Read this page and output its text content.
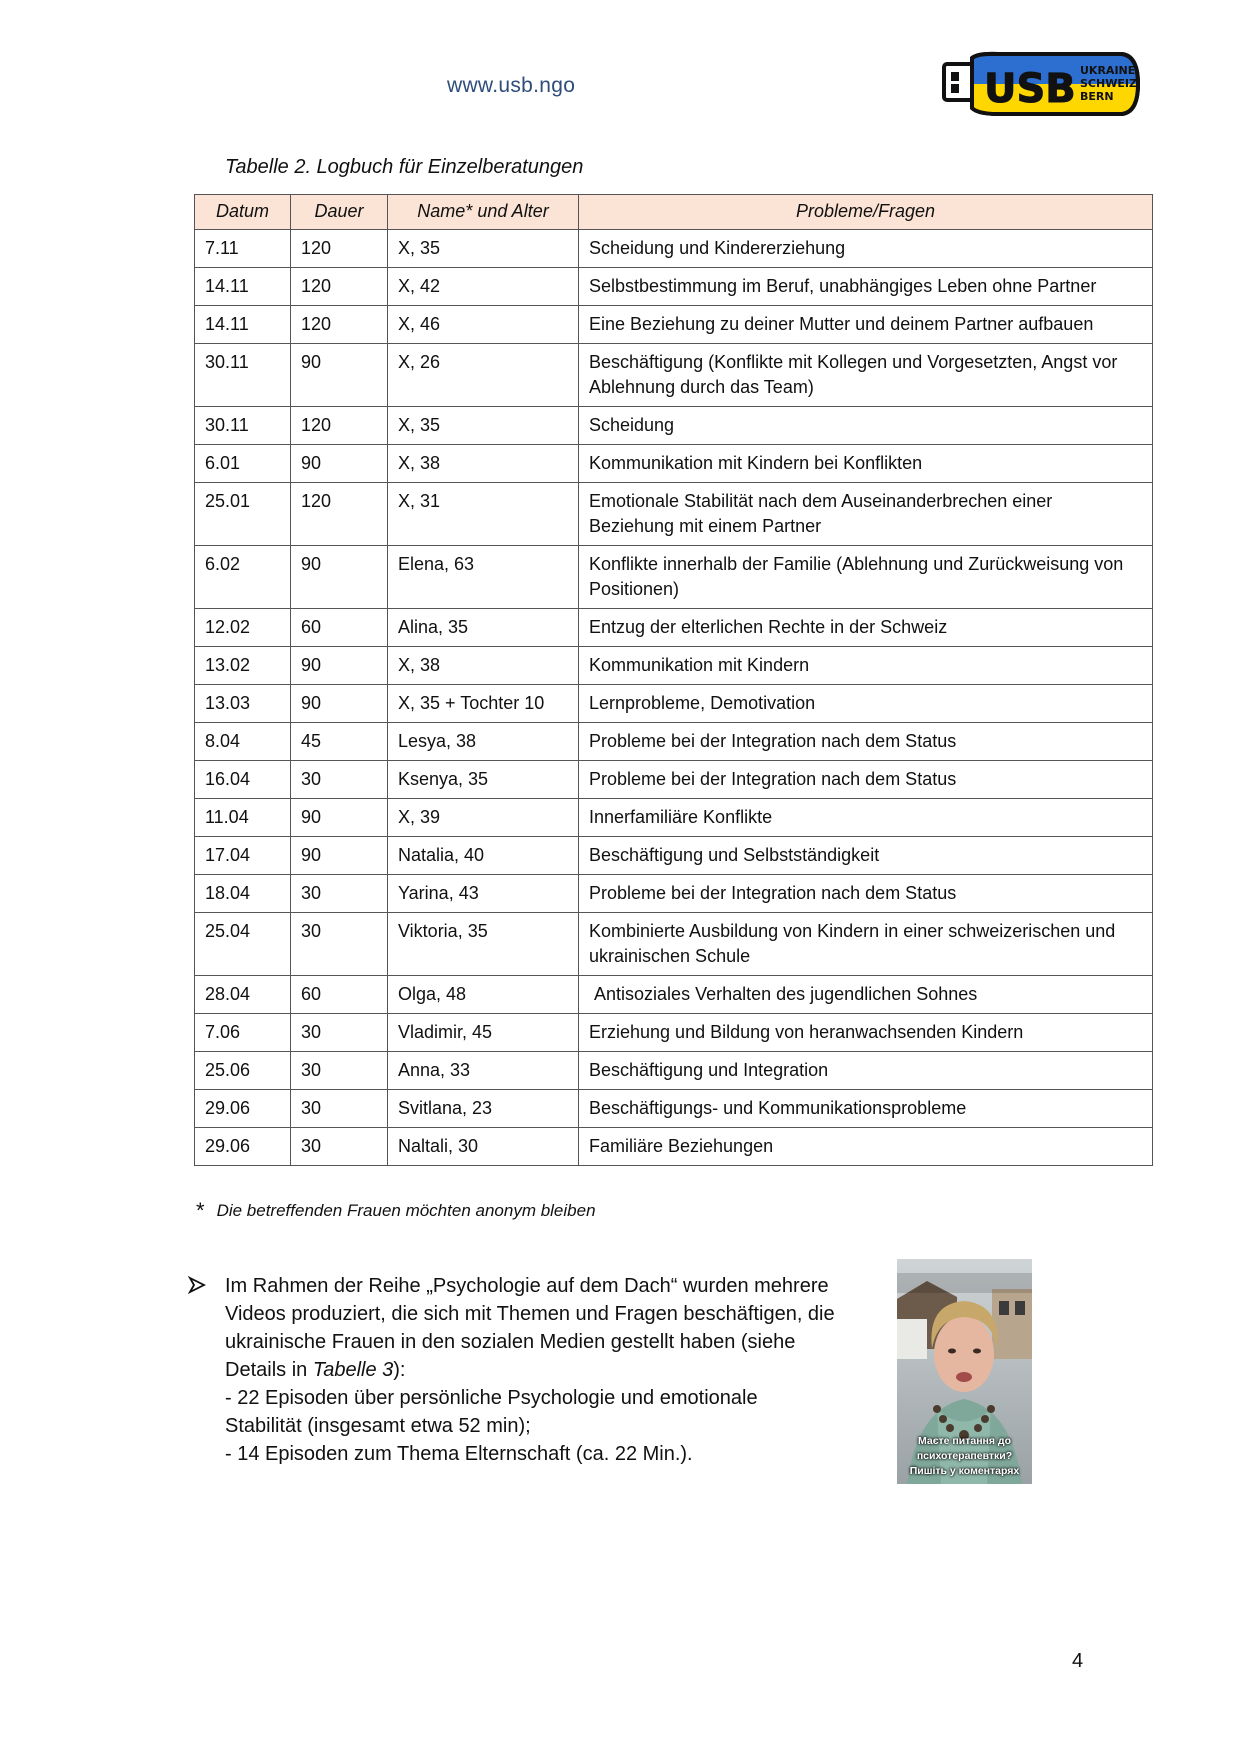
www.usb.ngo	USB UKRAINE
SCHWEIZ
BERN
Tabelle 2. Logbuch für Einzelberatungen
Datum	Dauer	Name* und Alter	Probleme/Fragen
7.11	120	X, 35	Scheidung und Kindererziehung
14.11	120	X, 42	Selbstbestimmung im Beruf, unabhängiges Leben ohne Partner
14.11	120	X, 46	Eine Beziehung zu deiner Mutter und deinem Partner aufbauen
30.11	90	X, 26	Beschäftigung (Konflikte mit Kollegen und Vorgesetzten, Angst vor Ablehnung durch das Team)
30.11	120	X, 35	Scheidung
6.01	90	X, 38	Kommunikation mit Kindern bei Konflikten
25.01	120	X, 31	Emotionale Stabilität nach dem Auseinanderbrechen einer Beziehung mit einem Partner
6.02	90	Elena, 63	Konflikte innerhalb der Familie (Ablehnung und Zurückweisung von Positionen)
12.02	60	Alina, 35	Entzug der elterlichen Rechte in der Schweiz
13.02	90	X, 38	Kommunikation mit Kindern
13.03	90	X, 35 + Tochter 10	Lernprobleme, Demotivation
8.04	45	Lesya, 38	Probleme bei der Integration nach dem Status
16.04	30	Ksenya, 35	Probleme bei der Integration nach dem Status
11.04	90	X, 39	Innerfamiliäre Konflikte
17.04	90	Natalia, 40	Beschäftigung und Selbstständigkeit
18.04	30	Yarina, 43	Probleme bei der Integration nach dem Status
25.04	30	Viktoria, 35	Kombinierte Ausbildung von Kindern in einer schweizerischen und ukrainischen Schule
28.04	60	Olga, 48	Antisoziales Verhalten des jugendlichen Sohnes
7.06	30	Vladimir, 45	Erziehung und Bildung von heranwachsenden Kindern
25.06	30	Anna, 33	Beschäftigung und Integration
29.06	30	Svitlana, 23	Beschäftigungs- und Kommunikationsprobleme
29.06	30	Naltali, 30	Familiäre Beziehungen
* Die betreffenden Frauen möchten anonym bleiben
Im Rahmen der Reihe „Psychologie auf dem Dach“ wurden mehrere
Videos produziert, die sich mit Themen und Fragen beschäftigen, die
ukrainische Frauen in den sozialen Medien gestellt haben (siehe
Details in Tabelle 3):
- 22 Episoden über persönliche Psychologie und emotionale
Stabilität (insgesamt etwa 52 min);
- 14 Episoden zum Thema Elternschaft (ca. 22 Min.).
Маєте питання до
психотерапевтки?
Пишіть у коментарях
4
